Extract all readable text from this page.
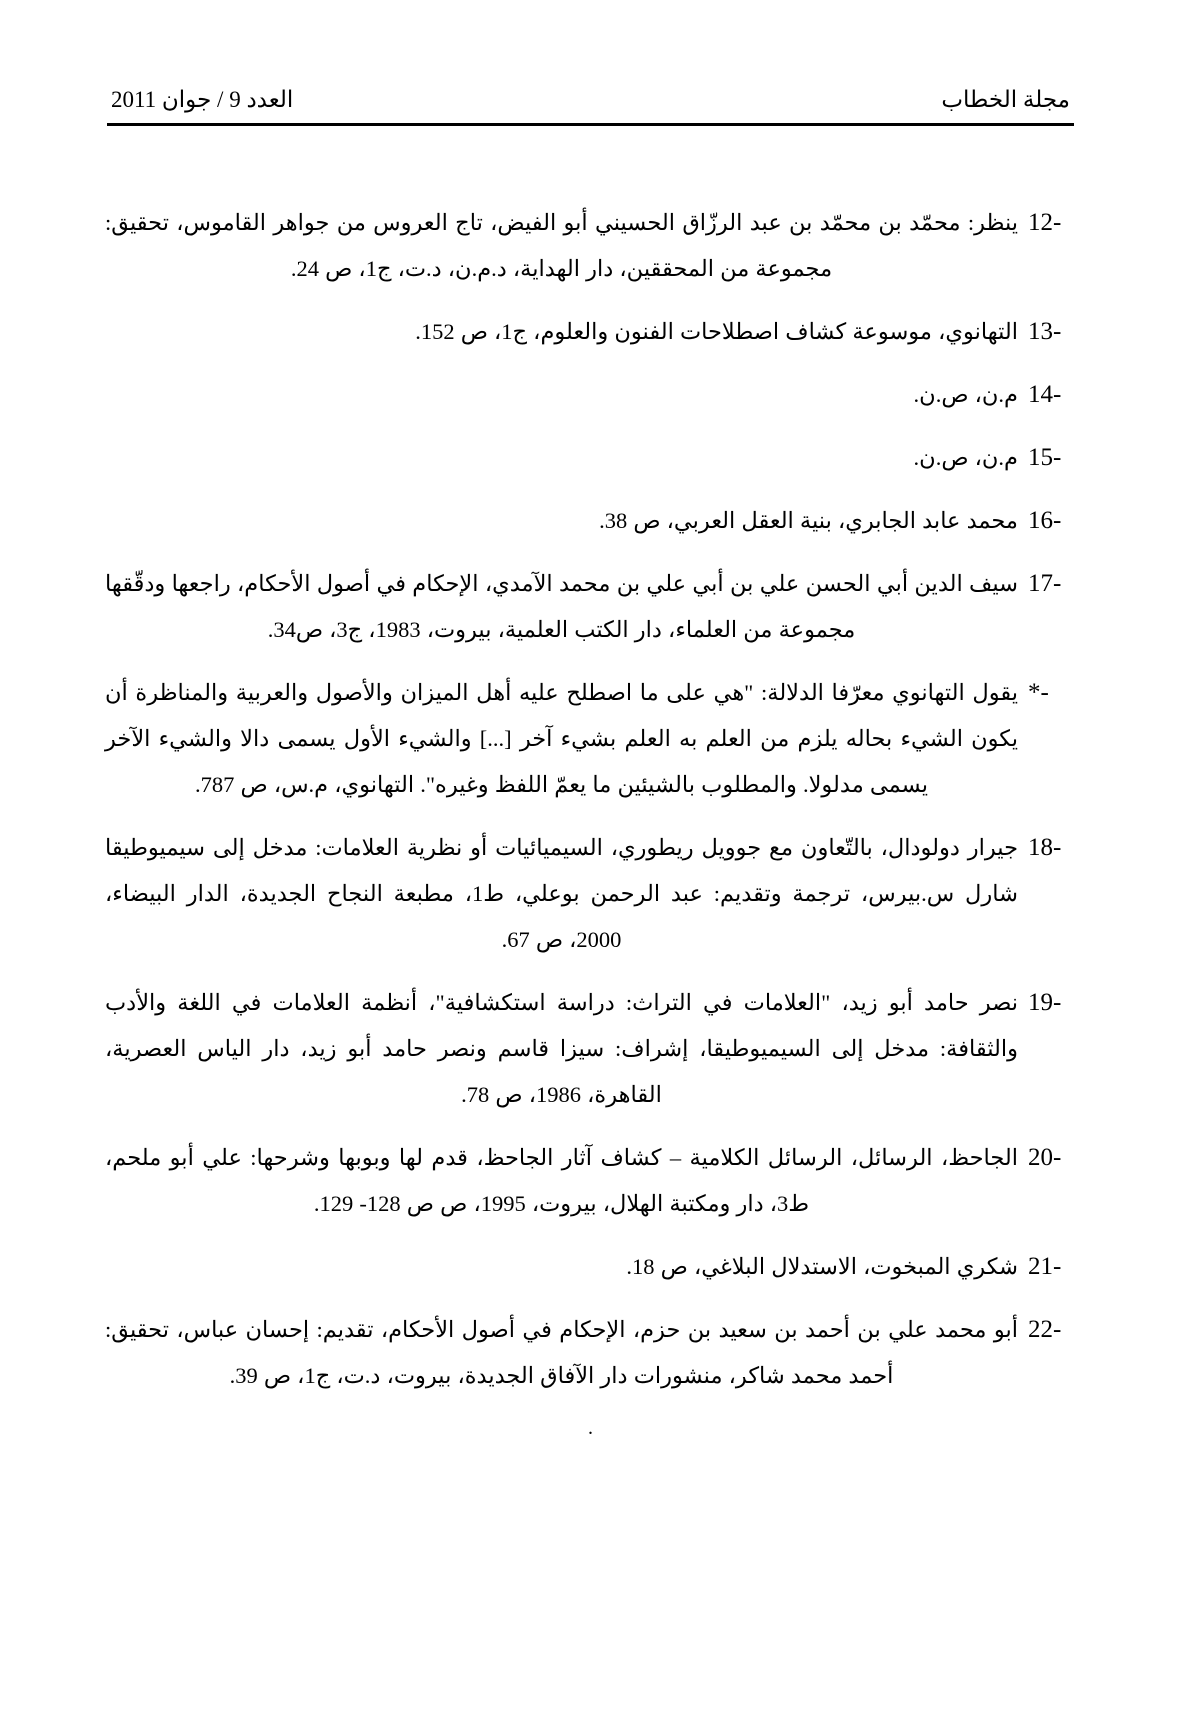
مجلة الخطاب
العدد 9 / جوان 2011
-12
ينظر: محمّد بن محمّد بن عبد الرزّاق الحسيني أبو الفيض، تاج العروس من جواهر القاموس، تحقيق: مجموعة من المحققين، دار الهداية، د.م.ن، د.ت، ج1، ص 24.
-13
التهانوي، موسوعة كشاف اصطلاحات الفنون والعلوم، ج1، ص 152.
-14
م.ن، ص.ن.
-15
م.ن، ص.ن.
-16
محمد عابد الجابري، بنية العقل العربي، ص 38.
-17
سيف الدين أبي الحسن علي بن أبي علي بن محمد الآمدي، الإحكام في أصول الأحكام، راجعها ودقّقها مجموعة من العلماء، دار الكتب العلمية، بيروت، 1983، ج3، ص34.
-*
يقول التهانوي معرّفا الدلالة: "هي على ما اصطلح عليه أهل الميزان والأصول والعربية والمناظرة أن يكون الشيء بحاله يلزم من العلم به العلم بشيء آخر [...] والشيء الأول يسمى دالا والشيء الآخر يسمى مدلولا. والمطلوب بالشيئين ما يعمّ اللفظ وغيره". التهانوي، م.س، ص 787.
-18
جيرار دولودال، بالتّعاون مع جوويل ريطوري، السيميائيات أو نظرية العلامات: مدخل إلى سيميوطيقا شارل س.بيرس، ترجمة وتقديم: عبد الرحمن بوعلي، ط1، مطبعة النجاح الجديدة، الدار البيضاء، 2000، ص 67.
-19
نصر حامد أبو زيد، "العلامات في التراث: دراسة استكشافية"، أنظمة العلامات في اللغة والأدب والثقافة: مدخل إلى السيميوطيقا، إشراف: سيزا قاسم ونصر حامد أبو زيد، دار الياس العصرية، القاهرة، 1986، ص 78.
-20
الجاحظ، الرسائل، الرسائل الكلامية – كشاف آثار الجاحظ، قدم لها وبوبها وشرحها: علي أبو ملحم، ط3، دار ومكتبة الهلال، بيروت، 1995، ص ص 128- 129.
-21
شكري المبخوت، الاستدلال البلاغي، ص 18.
-22
أبو محمد علي بن أحمد بن سعيد بن حزم، الإحكام في أصول الأحكام، تقديم: إحسان عباس، تحقيق: أحمد محمد شاكر، منشورات دار الآفاق الجديدة، بيروت، د.ت، ج1، ص 39.
.
